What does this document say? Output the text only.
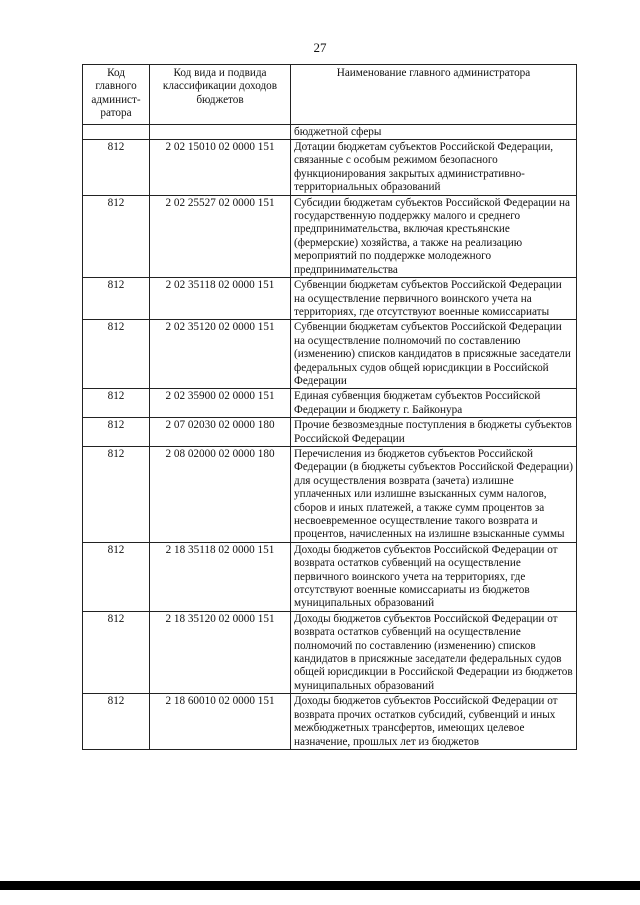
27
Код главного админист-ратора	Код вида и подвида классификации доходов бюджетов	Наименование главного администратора
		бюджетной сферы
812	2 02 15010 02 0000 151	Дотации бюджетам субъектов Российской Федерации, связанные с особым режимом безопасного функционирования закрытых административно-территориальных образований
812	2 02 25527 02 0000 151	Субсидии бюджетам субъектов Российской Федерации на государственную поддержку малого и среднего предпринимательства, включая крестьянские (фермерские) хозяйства, а также на реализацию мероприятий по поддержке молодежного предпринимательства
812	2 02 35118 02 0000 151	Субвенции бюджетам субъектов Российской Федерации на осуществление первичного воинского учета на территориях, где отсутствуют военные комиссариаты
812	2 02 35120 02 0000 151	Субвенции бюджетам субъектов Российской Федерации на осуществление полномочий по составлению (изменению) списков кандидатов в присяжные заседатели федеральных судов общей юрисдикции в Российской Федерации
812	2 02 35900 02 0000 151	Единая субвенция бюджетам субъектов Российской Федерации и бюджету г. Байконура
812	2 07 02030 02 0000 180	Прочие безвозмездные поступления в бюджеты субъектов Российской Федерации
812	2 08 02000 02 0000 180	Перечисления из бюджетов субъектов Российской Федерации (в бюджеты субъектов Российской Федерации) для осуществления возврата (зачета) излишне уплаченных или излишне взысканных сумм налогов, сборов и иных платежей, а также сумм процентов за несвоевременное осуществление такого возврата и процентов, начисленных на излишне взысканные суммы
812	2 18 35118 02 0000 151	Доходы бюджетов субъектов Российской Федерации от возврата остатков субвенций на осуществление первичного воинского учета на территориях, где отсутствуют военные комиссариаты из бюджетов муниципальных образований
812	2 18 35120 02 0000 151	Доходы бюджетов субъектов Российской Федерации от возврата остатков субвенций на осуществление полномочий по составлению (изменению) списков кандидатов в присяжные заседатели федеральных судов общей юрисдикции в Российской Федерации из бюджетов муниципальных образований
812	2 18 60010 02 0000 151	Доходы бюджетов субъектов Российской Федерации от возврата прочих остатков субсидий, субвенций и иных межбюджетных трансфертов, имеющих целевое назначение, прошлых лет из бюджетов
